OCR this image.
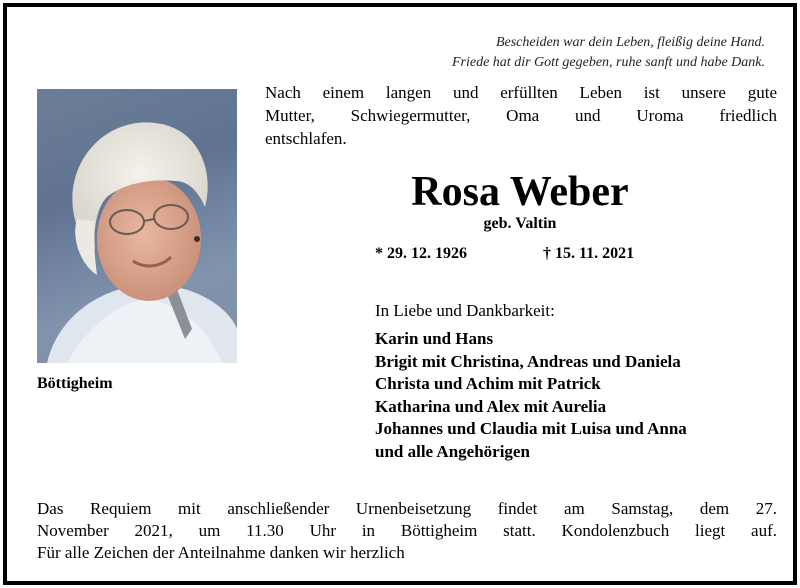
Bescheiden war dein Leben, fleißig deine Hand.
Friede hat dir Gott gegeben, ruhe sanft und habe Dank.
Nach einem langen und erfüllten Leben ist unsere gute
Mutter, Schwiegermutter, Oma und Uroma friedlich
entschlafen.
Böttigheim
Rosa Weber
geb. Valtin
* 29. 12. 1926	† 15. 11. 2021
In Liebe und Dankbarkeit:
Karin und Hans
Brigit mit Christina, Andreas und Daniela
Christa und Achim mit Patrick
Katharina und Alex mit Aurelia
Johannes und Claudia mit Luisa und Anna
und alle Angehörigen
Das Requiem mit anschließender Urnenbeisetzung findet am Samstag, dem 27.
November 2021, um 11.30 Uhr in Böttigheim statt. Kondolenzbuch liegt auf.
Für alle Zeichen der Anteilnahme danken wir herzlich
